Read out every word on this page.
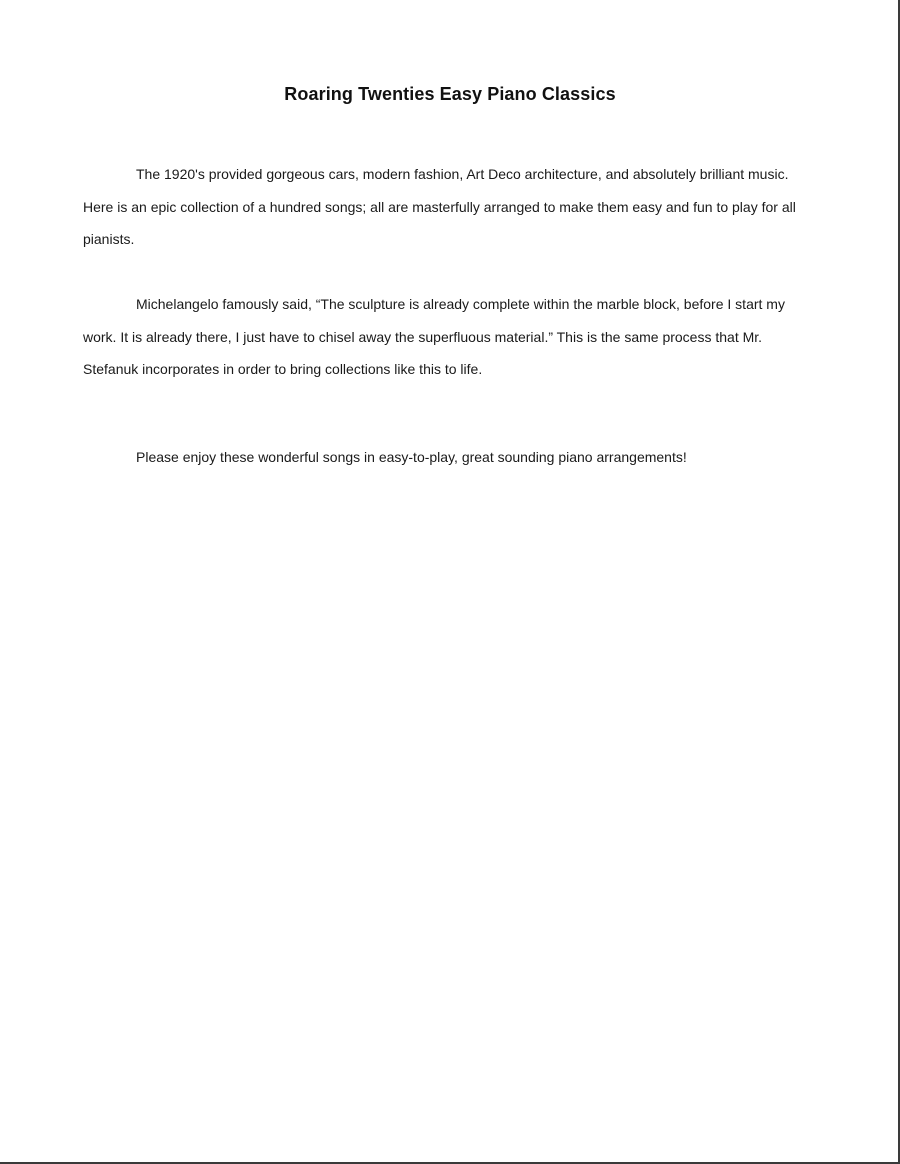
Roaring Twenties Easy Piano Classics

The 1920's provided gorgeous cars, modern fashion, Art Deco architecture, and absolutely brilliant music. Here is an epic collection of a hundred songs; all are masterfully arranged to make them easy and fun to play for all pianists.

Michelangelo famously said, “The sculpture is already complete within the marble block, before I start my work. It is already there, I just have to chisel away the superfluous material.” This is the same process that Mr. Stefanuk incorporates in order to bring collections like this to life.

Please enjoy these wonderful songs in easy-to-play, great sounding piano arrangements!
